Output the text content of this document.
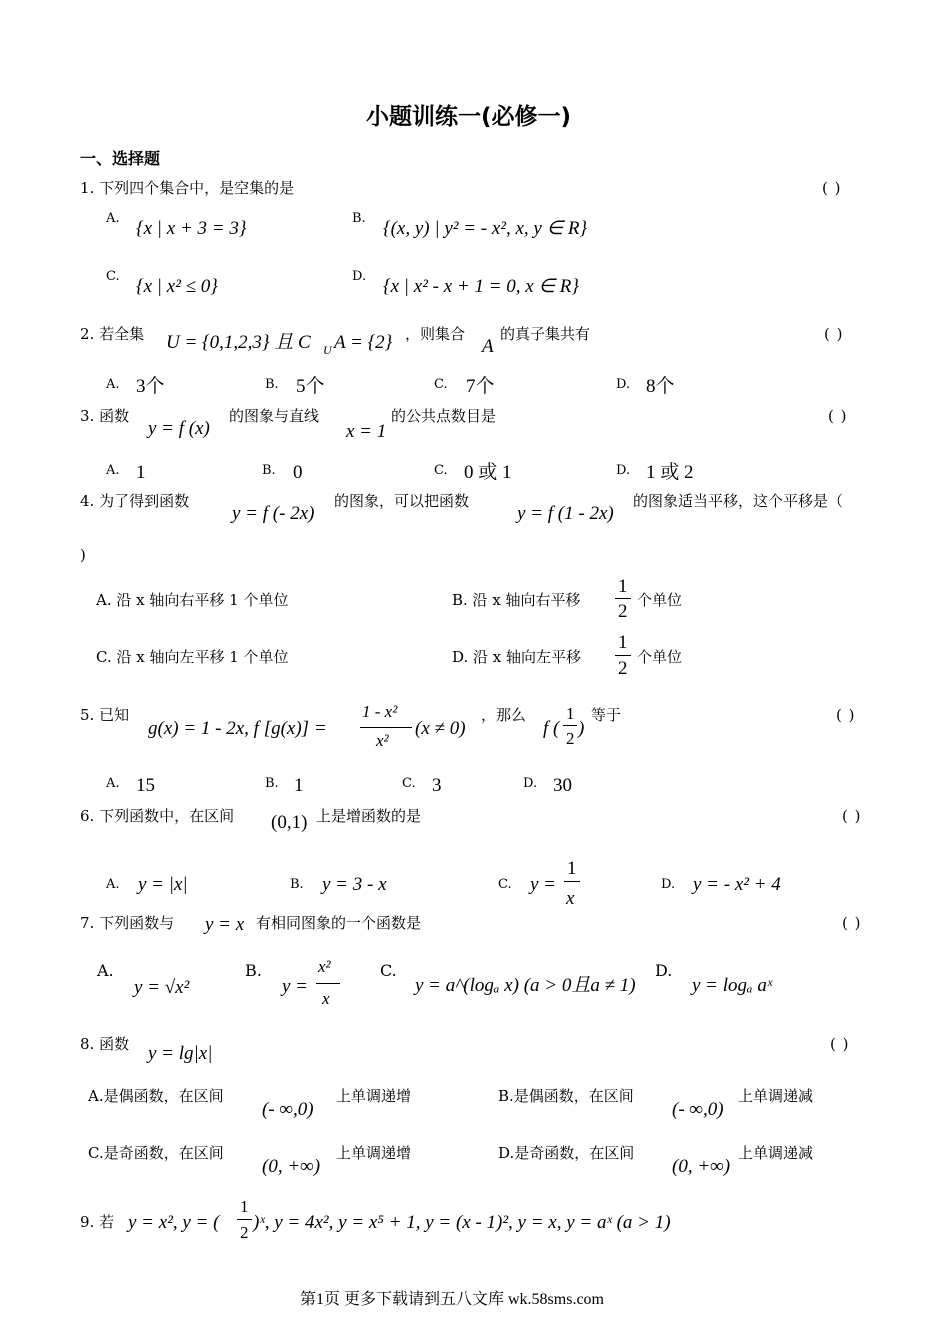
小题训练一(必修一)
一、选择题
1. 下列四个集合中，是空集的是	( )
A. {x | x + 3 = 3}	B. {(x, y) | y² = - x², x, y ∈ R}
C. {x | x² ≤ 0}	D. {x | x² - x + 1 = 0, x ∈ R}
2. 若全集 U = {0,1,2,3} 且 C U A = {2} ，则集合
A
的真子集共有	( )
A. 3个	B. 5个	C. 7个	D. 8个
3. 函数
y = f (x)
的图象与直线
x = 1
的公共点数目是	( )
A. 1	B. 0	C. 0 或 1	D. 1 或 2
4. 为了得到函数
y = f (- 2x)
的图象，可以把函数
y = f (1 - 2x)
的图象适当平移，这个平移是（
)
A. 沿 x 轴向右平移 1 个单位	B. 沿 x 轴向右平移
1
2
个单位
C. 沿 x 轴向左平移 1 个单位	D. 沿 x 轴向左平移
1
2
个单位
5. 已知
g(x) = 1 - 2x, f [g(x)] =
1 - x²
x²
(x ≠ 0)
，那么
f (
1
2 )
等于	( )
A. 15	B. 1	C. 3	D. 30
6. 下列函数中，在区间 (0,1) 上是增函数的是	( )
A. y = |x|	B. y = 3 - x	C. y =
1
x
D. y = - x² + 4
7. 下列函数与 y = x 有相同图象的一个函数是	( )
A.
y = √x²
B.
y =
x²
x
C.
y = a^(logₐ x) (a > 0且a ≠ 1)
D.
y = logₐ aˣ
8. 函数 y = lg|x|	( )
A.是偶函数，在区间
(- ∞,0)
上单调递增	B.是偶函数，在区间
(- ∞,0)
上单调递减
C.是奇函数，在区间
(0, +∞)
上单调递增	D.是奇函数，在区间
(0, +∞)
上单调递减
9. 若 y = x², y = (
1
2 )ˣ, y = 4x², y = x⁵ + 1, y = (x - 1)², y = x, y = aˣ (a > 1)
第1页 更多下载请到五八文库 wk.58sms.com
